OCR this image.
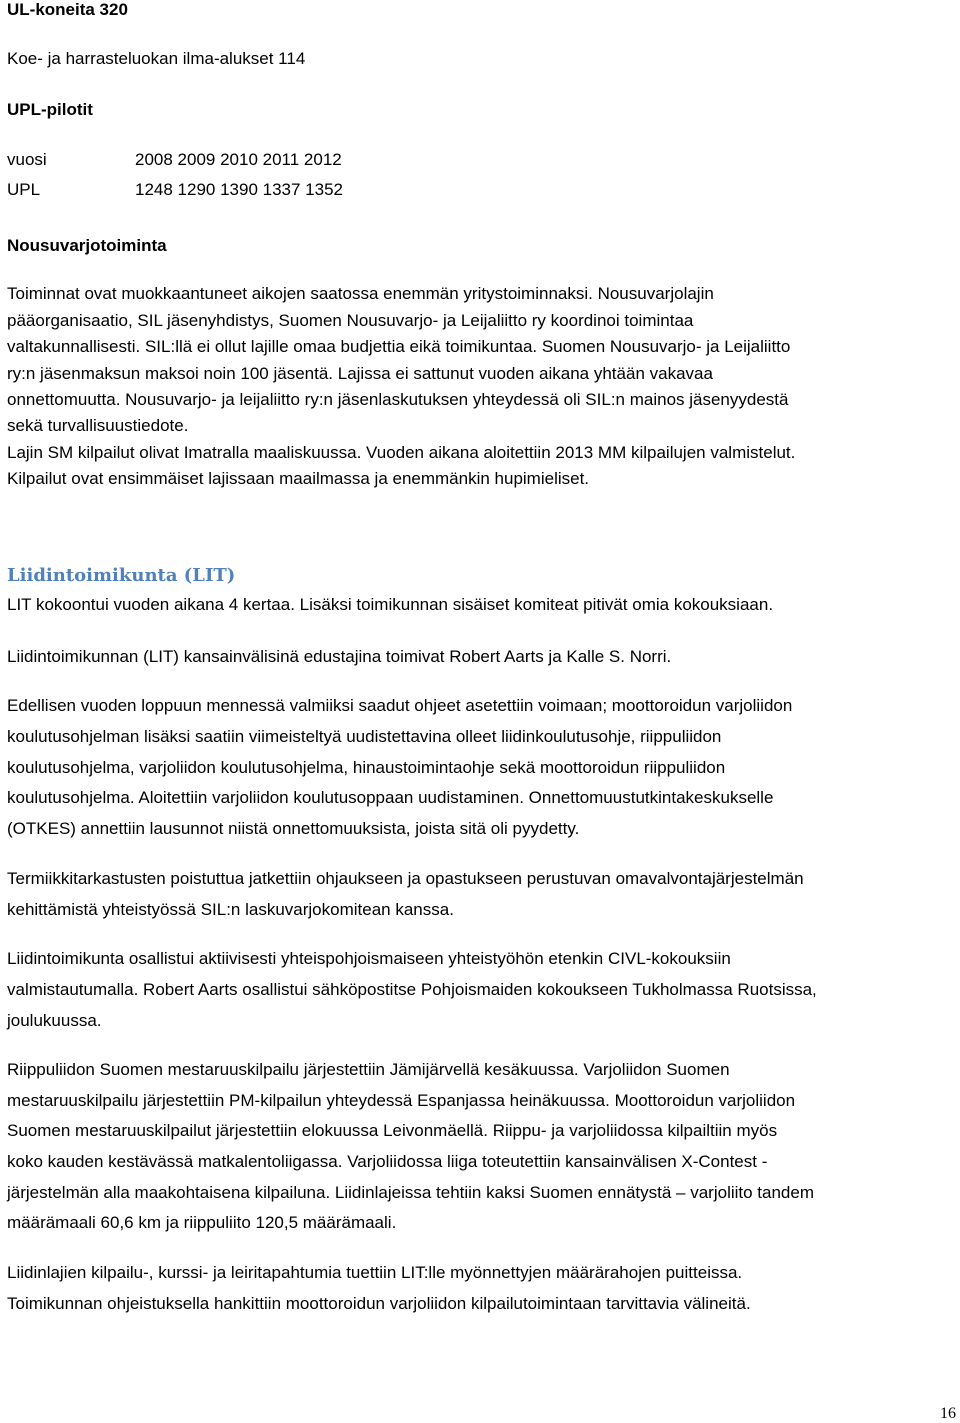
UL-koneita 320
Koe- ja harrasteluokan ilma-alukset 114
UPL-pilotit
vuosi	2008 2009 2010 2011 2012
UPL	1248 1290 1390 1337 1352
Nousuvarjotoiminta
Toiminnat ovat muokkaantuneet aikojen saatossa enemmän yritystoiminnaksi. Nousuvarjolajin
pääorganisaatio, SIL jäsenyhdistys, Suomen Nousuvarjo- ja Leijaliitto ry koordinoi toimintaa
valtakunnallisesti. SIL:llä ei ollut lajille omaa budjettia eikä toimikuntaa. Suomen Nousuvarjo- ja Leijaliitto
ry:n jäsenmaksun maksoi noin 100 jäsentä. Lajissa ei sattunut vuoden aikana yhtään vakavaa
onnettomuutta. Nousuvarjo- ja leijaliitto ry:n jäsenlaskutuksen yhteydessä oli SIL:n mainos jäsenyydestä
sekä turvallisuustiedote.
Lajin SM kilpailut olivat Imatralla maaliskuussa. Vuoden aikana aloitettiin 2013 MM kilpailujen valmistelut.
Kilpailut ovat ensimmäiset lajissaan maailmassa ja enemmänkin hupimieliset.
Liidintoimikunta (LIT)
LIT kokoontui vuoden aikana 4 kertaa. Lisäksi toimikunnan sisäiset komiteat pitivät omia kokouksiaan.
Liidintoimikunnan (LIT) kansainvälisinä edustajina toimivat Robert Aarts ja Kalle S. Norri.
Edellisen vuoden loppuun mennessä valmiiksi saadut ohjeet asetettiin voimaan; moottoroidun varjoliidon
koulutusohjelman lisäksi saatiin viimeisteltyä uudistettavina olleet liidinkoulutusohje, riippuliidon
koulutusohjelma, varjoliidon koulutusohjelma, hinaustoimintaohje sekä moottoroidun riippuliidon
koulutusohjelma. Aloitettiin varjoliidon koulutusoppaan uudistaminen. Onnettomuustutkintakeskukselle
(OTKES) annettiin lausunnot niistä onnettomuuksista, joista sitä oli pyydetty.
Termiikkitarkastusten poistuttua jatkettiin ohjaukseen ja opastukseen perustuvan omavalvontajärjestelmän
kehittämistä yhteistyössä SIL:n laskuvarjokomitean kanssa.
Liidintoimikunta osallistui aktiivisesti yhteispohjoismaiseen yhteistyöhön etenkin CIVL-kokouksiin
valmistautumalla. Robert Aarts osallistui sähköpostitse Pohjoismaiden kokoukseen Tukholmassa Ruotsissa,
joulukuussa.
Riippuliidon Suomen mestaruuskilpailu järjestettiin Jämijärvellä kesäkuussa. Varjoliidon Suomen
mestaruuskilpailu järjestettiin PM-kilpailun yhteydessä Espanjassa heinäkuussa. Moottoroidun varjoliidon
Suomen mestaruuskilpailut järjestettiin elokuussa Leivonmäellä. Riippu- ja varjoliidossa kilpailtiin myös
koko kauden kestävässä matkalentoliigassa. Varjoliidossa liiga toteutettiin kansainvälisen X-Contest -
järjestelmän alla maakohtaisena kilpailuna. Liidinlajeissa tehtiin kaksi Suomen ennätystä – varjoliito tandem
määrämaali 60,6 km ja riippuliito 120,5 määrämaali.
Liidinlajien kilpailu-, kurssi- ja leiritapahtumia tuettiin LIT:lle myönnettyjen määrärahojen puitteissa.
Toimikunnan ohjeistuksella hankittiin moottoroidun varjoliidon kilpailutoimintaan tarvittavia välineitä.
16
